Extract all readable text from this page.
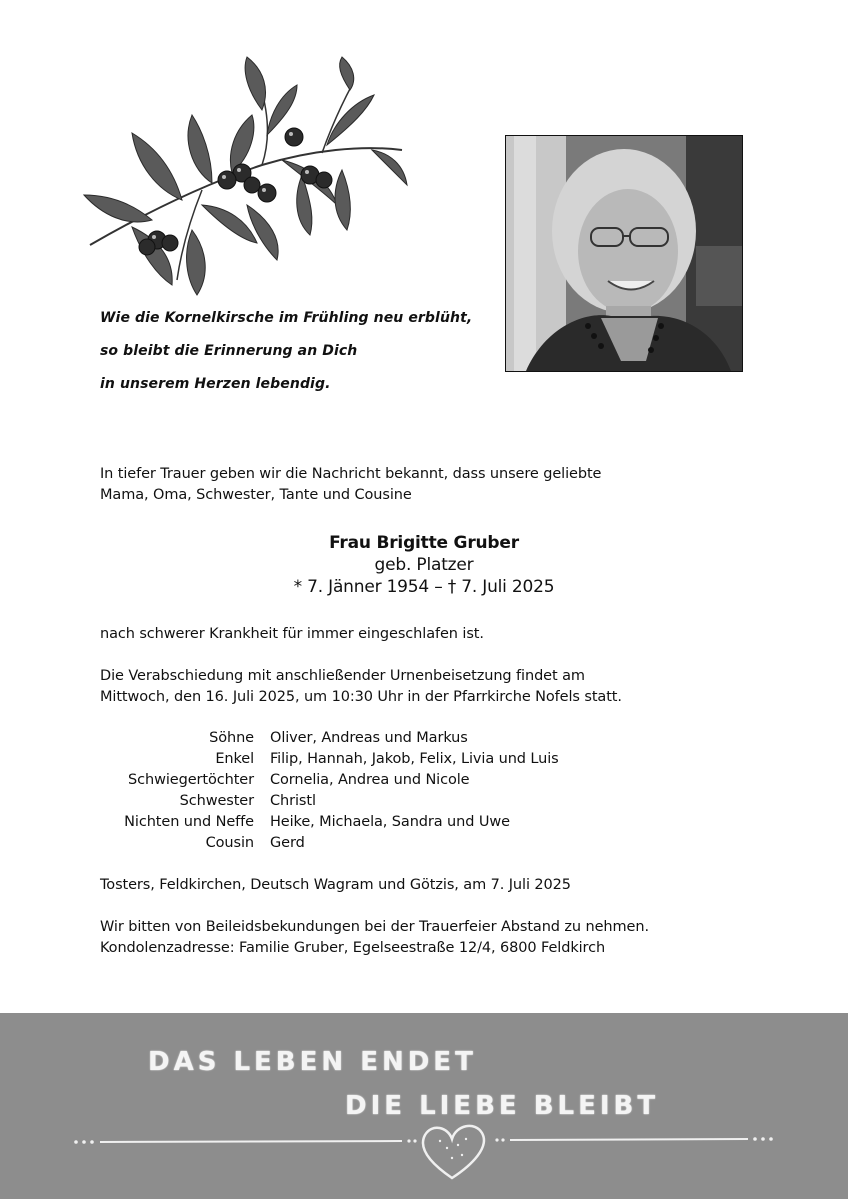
Wie die Kornelkirsche im Frühling neu erblüht,
so bleibt die Erinnerung an Dich
in unserem Herzen lebendig.
In tiefer Trauer geben wir die Nachricht bekannt, dass unsere geliebte
Mama, Oma, Schwester, Tante und Cousine
Frau Brigitte Gruber
geb. Platzer
* 7. Jänner 1954 – † 7. Juli 2025
nach schwerer Krankheit für immer eingeschlafen ist.
Die Verabschiedung mit anschließender Urnenbeisetzung findet am
Mittwoch, den 16. Juli 2025, um 10:30 Uhr in der Pfarrkirche Nofels statt.
Söhne	Oliver, Andreas und Markus
Enkel	Filip, Hannah, Jakob, Felix, Livia und Luis
Schwiegertöchter	Cornelia, Andrea und Nicole
Schwester	Christl
Nichten und Neffe	Heike, Michaela, Sandra und Uwe
Cousin	Gerd
Tosters, Feldkirchen, Deutsch Wagram und Götzis, am 7. Juli 2025
Wir bitten von Beileidsbekundungen bei der Trauerfeier Abstand zu nehmen.
Kondolenzadresse: Familie Gruber, Egelseestraße 12/4, 6800 Feldkirch
DAS LEBEN ENDET
DIE LIEBE BLEIBT
